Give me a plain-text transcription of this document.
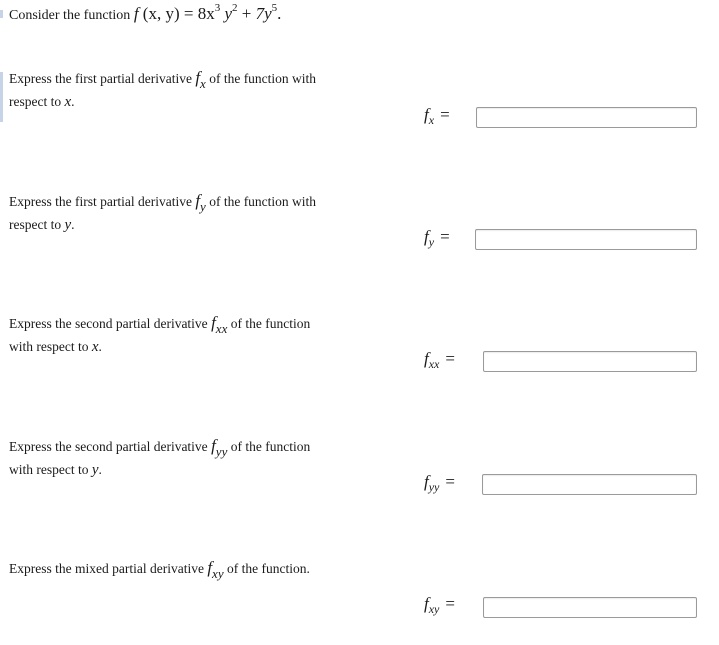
Consider the function f (x, $y) = 8x^3$ $y^2 + 7y^5$.
Express the first partial derivative fx of the function with
respect to x.
$f_x$ =
Express the first partial derivative fy of the function with
respect to y.
$f_y$ =
Express the second partial derivative fxx of the function
with respect to x.
$f_{xx}$ =
Express the second partial derivative fyy of the function
with respect to y.
$f_{yy}$ =
Express the mixed partial derivative fxy of the function.
$f_{xy}$ =
